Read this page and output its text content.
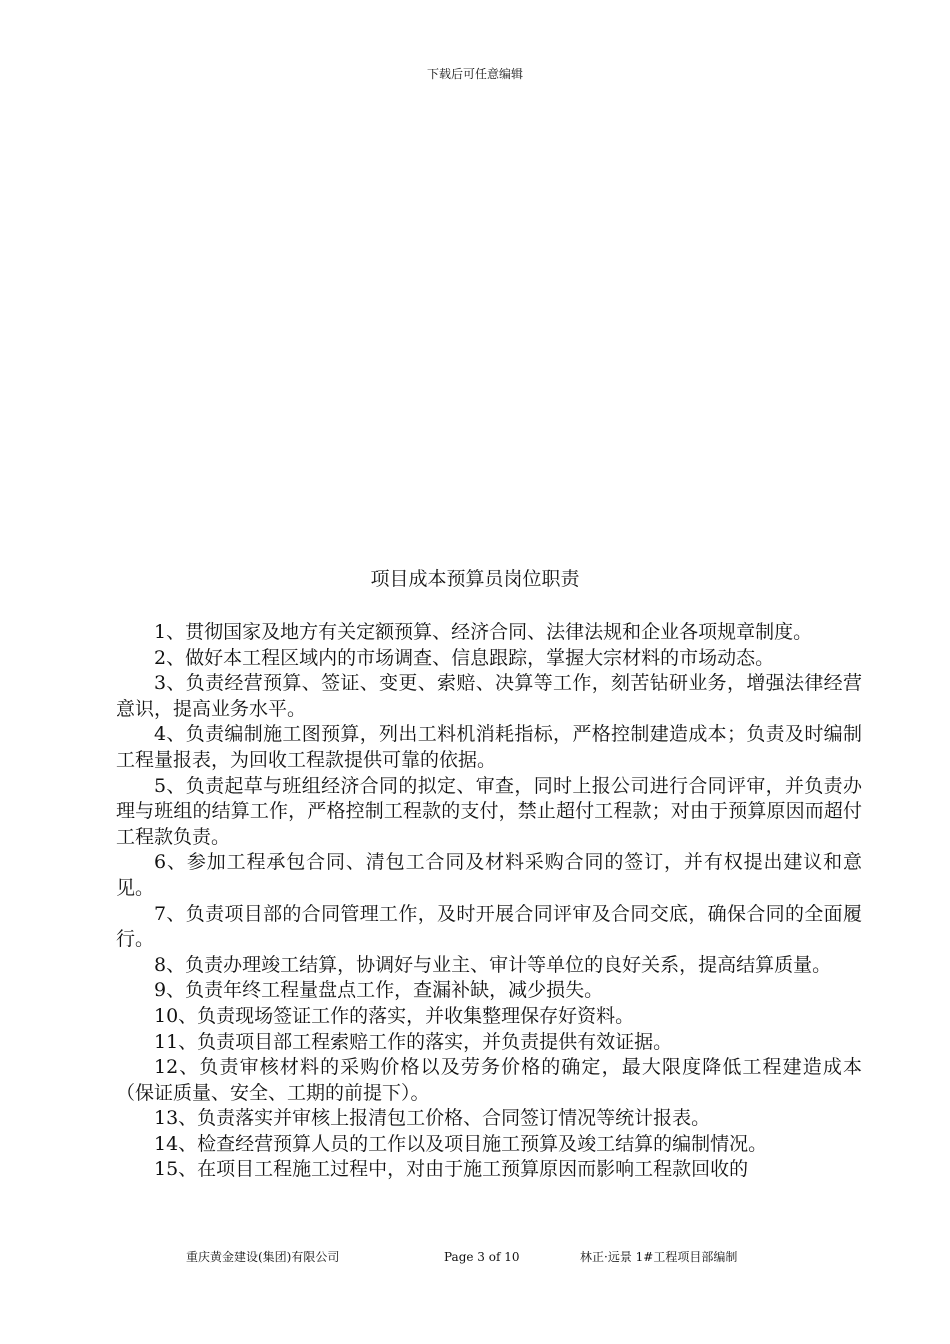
下载后可任意编辑
项目成本预算员岗位职责

1、贯彻国家及地方有关定额预算、经济合同、法律法规和企业各项规章制度。

2、做好本工程区域内的市场调查、信息跟踪，掌握大宗材料的市场动态。

3、负责经营预算、签证、变更、索赔、决算等工作，刻苦钻研业务，增强法律经营意识，提高业务水平。

4、负责编制施工图预算，列出工料机消耗指标，严格控制建造成本；负责及时编制工程量报表，为回收工程款提供可靠的依据。

5、负责起草与班组经济合同的拟定、审查，同时上报公司进行合同评审，并负责办理与班组的结算工作，严格控制工程款的支付，禁止超付工程款；对由于预算原因而超付工程款负责。

6、参加工程承包合同、清包工合同及材料采购合同的签订，并有权提出建议和意见。

7、负责项目部的合同管理工作，及时开展合同评审及合同交底，确保合同的全面履行。

8、负责办理竣工结算，协调好与业主、审计等单位的良好关系，提高结算质量。

9、负责年终工程量盘点工作，查漏补缺，减少损失。

10、负责现场签证工作的落实，并收集整理保存好资料。

11、负责项目部工程索赔工作的落实，并负责提供有效证据。

12、负责审核材料的采购价格以及劳务价格的确定，最大限度降低工程建造成本（保证质量、安全、工期的前提下）。

13、负责落实并审核上报清包工价格、合同签订情况等统计报表。

14、检查经营预算人员的工作以及项目施工预算及竣工结算的编制情况。

15、在项目工程施工过程中，对由于施工预算原因而影响工程款回收的

重庆黄金建设(集团)有限公司	Page 3 of 10	林正·远景 1#工程项目部编制
